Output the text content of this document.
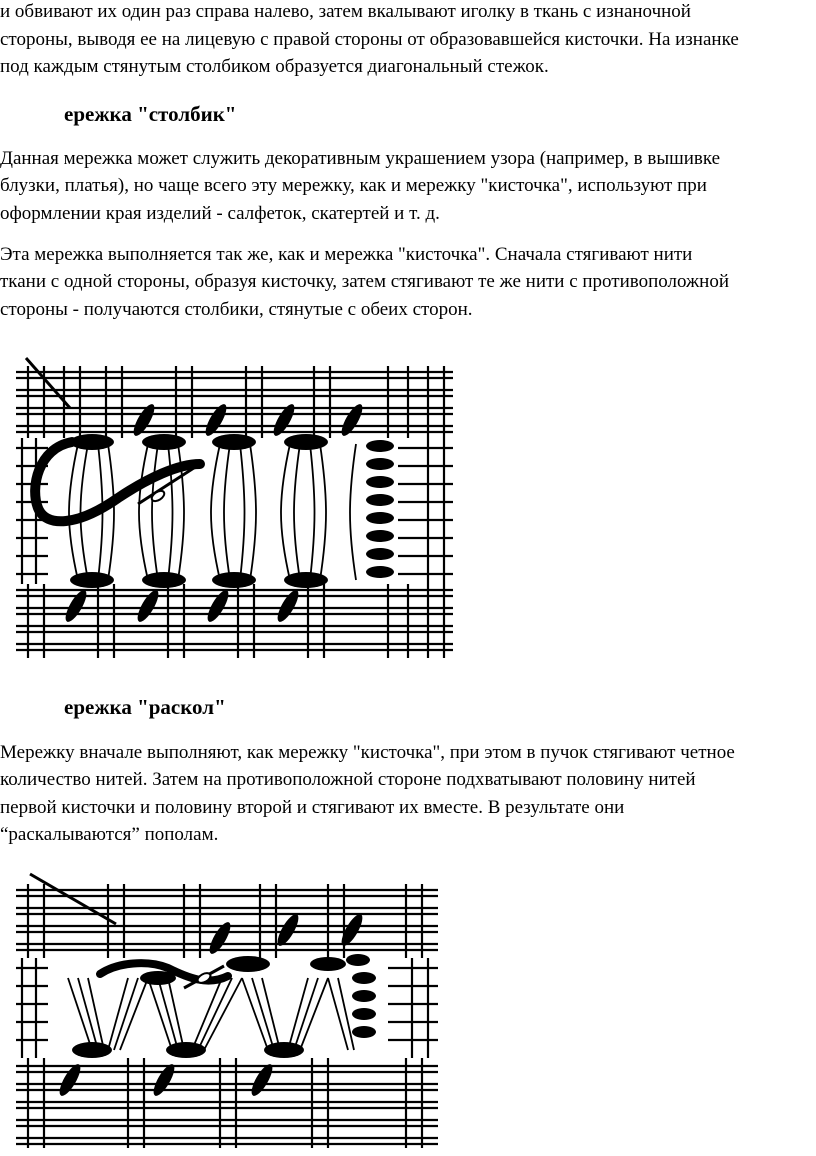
и обвивают их один раз справа налево, затем вкалывают иголку в ткань с изнаночной

стороны, выводя ее на лицевую с правой стороны от образовавшейся кисточки. На изнанке

под каждым стянутым столбиком образуется диагональный стежок.

ережка "столбик"

Данная мережка может служить декоративным украшением узора (например, в вышивке

блузки, платья), но чаще всего эту мережку, как и мережку "кисточка", используют при

оформлении края изделий - салфеток, скатертей и т. д.

Эта мережка выполняется так же, как и мережка "кисточка". Сначала стягивают нити

ткани с одной стороны, образуя кисточку, затем стягивают те же нити с противоположной

стороны - получаются столбики, стянутые с обеих сторон.

ережка "раскол"

Мережку вначале выполняют, как мережку "кисточка", при этом в пучок стягивают четное

количество нитей. Затем на противоположной стороне подхватывают половину нитей

первой кисточки и половину второй и стягивают их вместе. В результате они

“раскалываются” пополам.
